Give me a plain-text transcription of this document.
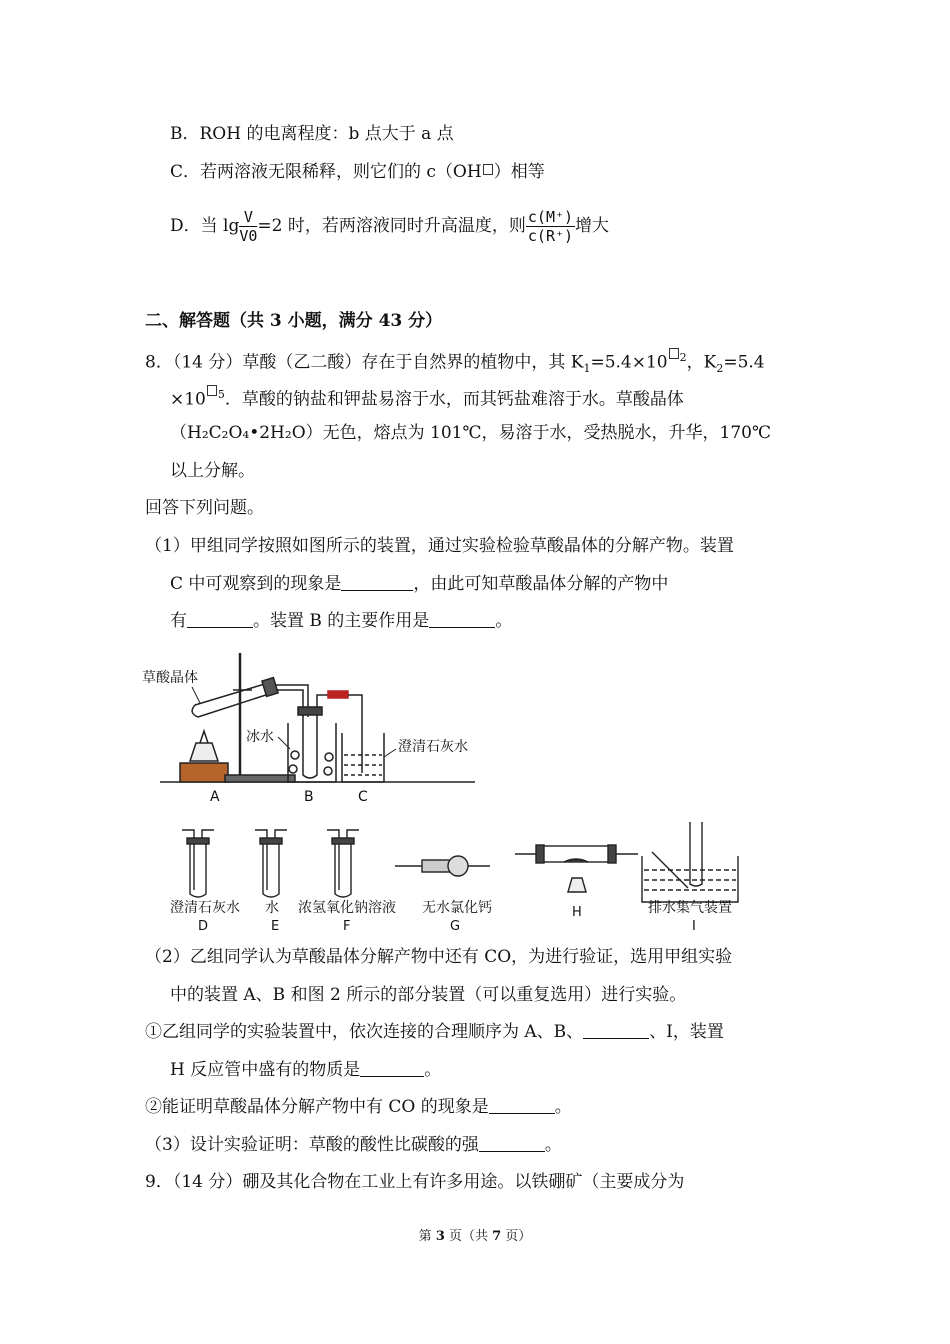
B．ROH 的电离程度：b 点大于 a 点
C．若两溶液无限稀释，则它们的 c（OH ）相等
D．当 $\lg \frac{V}{V0} =2$ 时，若两溶液同时升高温度，则 $\frac{c(M^+)}{c(R^+)}$ 增大
二、解答题（共 3 小题，满分 43 分）
8．（14 分）草酸（乙二酸）存在于自然界的植物中，其 $K_1=5.4\times 10$ $^2$，$K_2=5.4$
×10 $^5$．草酸的钠盐和钾盐易溶于水，而其钙盐难溶于水。草酸晶体
（H₂C₂O₄•2H₂O）无色，熔点为 101℃，易溶于水，受热脱水，升华，170℃
以上分解。
回答下列问题。
（1）甲组同学按照如图所示的装置，通过实验检验草酸晶体的分解产物。装置
C 中可观察到的现象是	，由此可知草酸晶体分解的产物中
有	。装置 B 的主要作用是	。
草酸晶体
冰水
澄清石灰水
A	B	C
澄清石灰水 水 浓氢氧化钠溶液 无水氯化钙	排水集气装置
D	E	F	G
H
I
（2）乙组同学认为草酸晶体分解产物中还有 CO，为进行验证，选用甲组实验
中的装置 A、B 和图 2 所示的部分装置（可以重复选用）进行实验。
①乙组同学的实验装置中，依次连接的合理顺序为 A、B、	、I，装置
H 反应管中盛有的物质是	。
②能证明草酸晶体分解产物中有 CO 的现象是	。
（3）设计实验证明：草酸的酸性比碳酸的强	。
9．（14 分）硼及其化合物在工业上有许多用途。以铁硼矿（主要成分为
第 3 页（共 7 页）
